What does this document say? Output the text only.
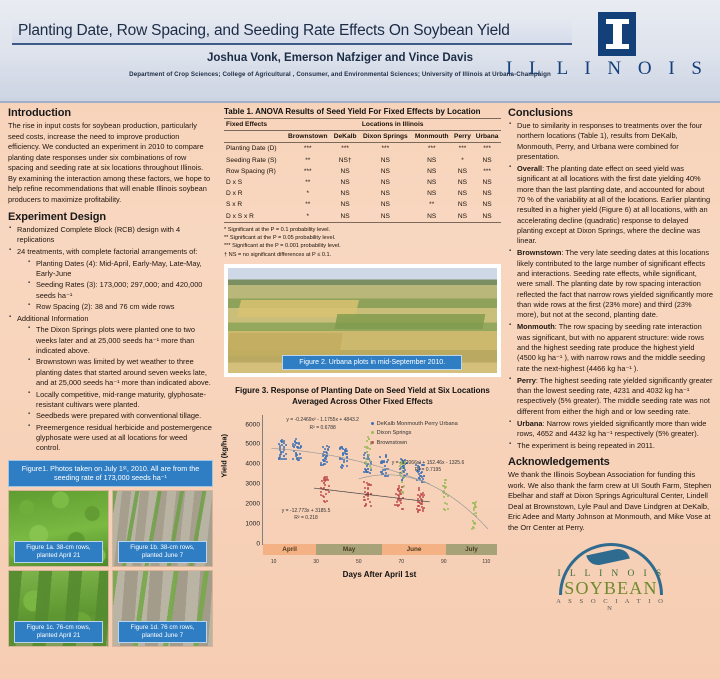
Planting Date, Row Spacing, and Seeding Rate Effects On Soybean Yield
Joshua Vonk, Emerson Nafziger and Vince Davis
Department of Crop Sciences; College of Agricultural , Consumer, and Environmental Sciences; University of Illinois at Urbana-Champaign
I L L I N O I S
Introduction

The rise in input costs for soybean production, particularly seed costs, increase the need to improve production efficiency. We conducted an experiment in 2010 to compare planting date responses under six combinations of row spacing and seeding rate at six locations throughout Illinois. By examining the interaction among these factors, we hope to help refine recommendations that will enable Illinois soybean producers to maximize profitability.

Experiment Design
▪ Randomized Complete Block (RCB) design with 4 replications
▪ 24 treatments, with complete factorial arrangements of:
▪ Planting Dates (4): Mid-April, Early-May, Late-May, Early-June
▪ Seeding Rates (3): 173,000; 297,000; and 420,000 seeds ha⁻¹
▪ Row Spacing (2): 38 and 76 cm wide rows
▪ Additional Information
▪ The Dixon Springs plots were planted one to two weeks later and at 25,000 seeds ha⁻¹ more than indicated above.
▪ Brownstown was limited by wet weather to three planting dates that started around seven weeks late, and at 25,000 seeds ha⁻¹ more than indicated above.
▪ Locally competitive, mid-range maturity, glyphosate-resistant cultivars were planted.
▪ Seedbeds were prepared with conventional tillage.
▪ Preemergence residual herbicide and postemergence glyphosate were used at all locations for weed control.
Figure1. Photos taken on July 1ˢᵗ, 2010. All are from the seeding rate of 173,000 seeds ha⁻¹
Figure 1a. 38-cm rows, planted April 21
Figure 1b. 38-cm rows, planted June 7
Figure 1c. 76-cm rows, planted April 21
Figure 1d. 76 cm rows, planted June 7
Table 1. ANOVA Results of Seed Yield For Fixed Effects by Location
Fixed Effects	Locations in Illinois					
	Brownstown	DeKalb	Dixon Springs	Monmouth	Perry	Urbana
Planting Date (D)	***	***	***	***	***	***
Seeding Rate (S)	**	NS†	NS	NS	*	NS
Row Spacing (R)	***	NS	NS	NS	NS	***
D x S	**	NS	NS	NS	NS	NS
D x R	*	NS	NS	NS	NS	NS
S x R	**	NS	NS	**	NS	NS
D x S x R	*	NS	NS	NS	NS	NS
* Significant at the P = 0.1 probability level.
** Significant at the P = 0.05 probability level.
*** Significant at the P = 0.001 probability level.
† NS = no significant differences at P ≤ 0.1.
Figure 2. Urbana plots in mid-September 2010.
Figure 3. Response of Planting Date on Seed Yield at Six Locations Averaged Across Other Fixed Effects
Yield (kg/ha)
0
1000
2000
3000
4000
5000
6000
10	30	50	70	90	110
April	May	June	July
DeKalb Monmouth Perry Urbana
Dixon Springs
Brownstown
y = -0.2469x² - 1.1755x + 4843.2
R² = 0.6788
y = -1.2066x² + 152.46x - 1325.6
R² = 0.7195
y = -12.773x + 3185.5
R² = 0.218
Days After April 1st
Conclusions
▪ Due to similarity in responses to treatments over the four northern locations (Table 1), results from DeKalb, Monmouth, Perry, and Urbana were combined for presentation.
▪ Overall: The planting date effect on seed yield was significant at all locations with the first date yielding 40% more than the last planting date, and accounted for about 70 % of the variability at all of the locations. Earlier planting resulted in a higher yield (Figure 6) at all locations, with an accelerating decline (quadratic) response to delayed planting except at Dixon Springs, where the decline was linear.
▪ Brownstown: The very late seeding dates at this locations likely contributed to the large number of significant effects and interactions. Seeding rate effects, while significant, were small. The planting date by row spacing interaction reflected the fact that narrow rows yielded significantly more than wide rows at the first (23% more) and third (23% more), but not at the second, planting date.
▪ Monmouth: The row spacing by seeding rate interaction was significant, but with no apparent structure: wide rows and the highest seeding rate produce the highest yield (4500 kg ha⁻¹ ), with narrow rows and the middle seeding rate the next-highest (4466 kg ha⁻¹ ).
▪ Perry: The highest seeding rate yielded significantly greater than the lowest seeding rate, 4231 and 4032 kg ha⁻¹ respectively (5% greater). The middle seeding rate was not different from either the high and or low seeding rate.
▪ Urbana: Narrow rows yielded significantly more than wide rows, 4652 and 4432 kg ha⁻¹ respectively (5% greater).
▪ The experiment is being repeated in 2011.
Acknowledgements

We thank the Illinois Soybean Association for funding this work. We also thank the farm crew at UI South Farm, Stephen Ebelhar and staff at Dixon Springs Agricultural Center, Lindell Deal at Brownstown, Lyle Paul and Dave Lindgren at DeKalb, Eric Adee and Marty Johnson at Monmouth, and Mike Vose at the Orr Center at Perry.

I L L I N O I S
SOYBEAN
A S S O C I A T I O N
